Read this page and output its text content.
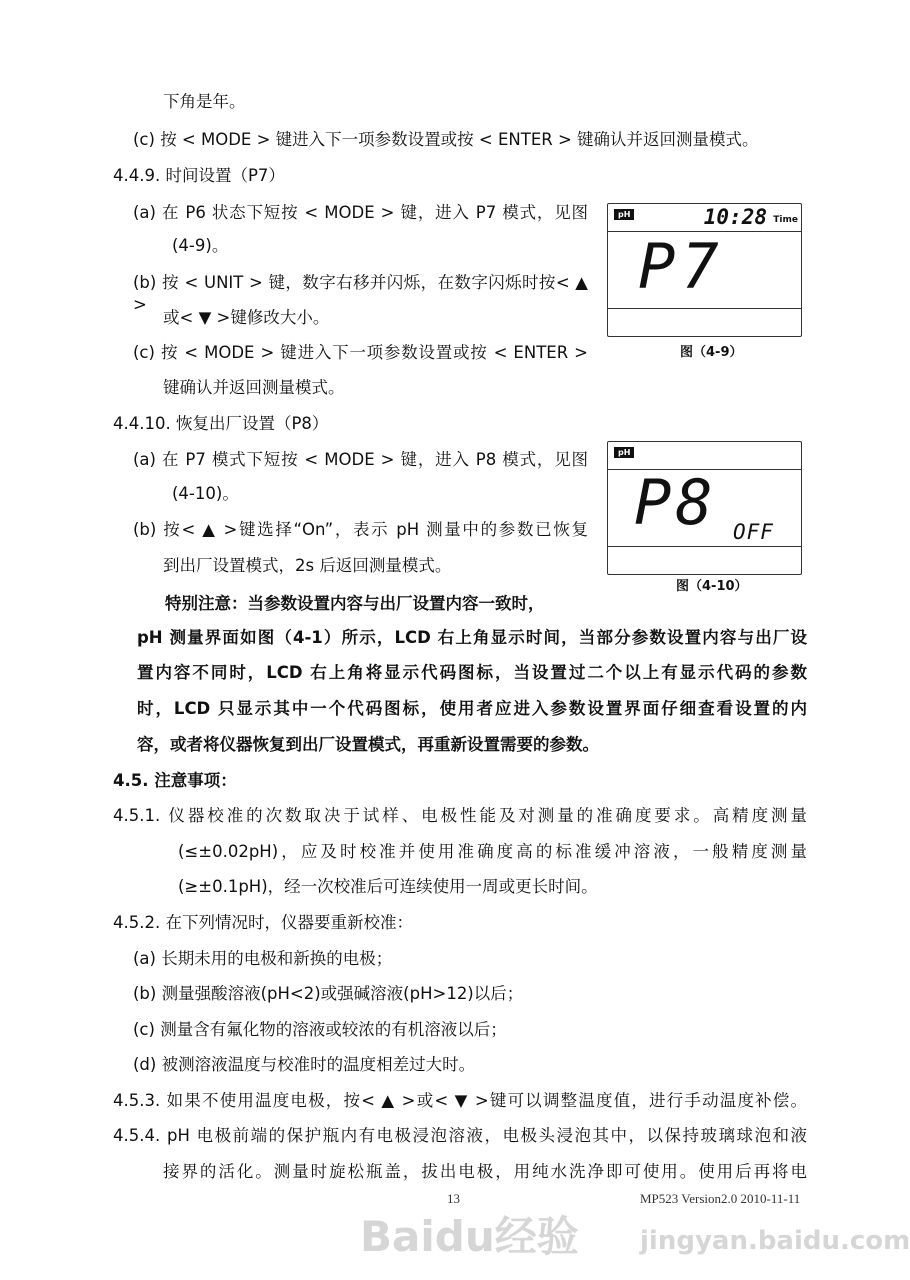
下角是年。
(c) 按 < MODE > 键进入下一项参数设置或按 < ENTER > 键确认并返回测量模式。
4.4.9. 时间设置（P7）
(a) 在 P6 状态下短按 < MODE > 键，进入 P7 模式，见图
(4-9)。
(b) 按 < UNIT > 键，数字右移并闪烁，在数字闪烁时按< ▲ >
或< ▼ >键修改大小。
(c) 按 < MODE > 键进入下一项参数设置或按 < ENTER >
键确认并返回测量模式。
4.4.10. 恢复出厂设置（P8）
(a) 在 P7 模式下短按 < MODE > 键，进入 P8 模式，见图
(4-10)。
(b) 按< ▲ >键选择“On”，表示 pH 测量中的参数已恢复
到出厂设置模式，2s 后返回测量模式。
特别注意：当参数设置内容与出厂设置内容一致时，
pH 测量界面如图（4-1）所示，LCD 右上角显示时间，当部分参数设置内容与出厂设
置内容不同时，LCD 右上角将显示代码图标，当设置过二个以上有显示代码的参数
时，LCD 只显示其中一个代码图标，使用者应进入参数设置界面仔细查看设置的内
容，或者将仪器恢复到出厂设置模式，再重新设置需要的参数。
4.5. 注意事项：
4.5.1. 仪器校准的次数取决于试样、电极性能及对测量的准确度要求。高精度测量
(≤±0.02pH)，应及时校准并使用准确度高的标准缓冲溶液，一般精度测量
(≥±0.1pH)，经一次校准后可连续使用一周或更长时间。
4.5.2. 在下列情况时，仪器要重新校准：
(a) 长期未用的电极和新换的电极；
(b) 测量强酸溶液(pH<2)或强碱溶液(pH>12)以后；
(c) 测量含有氟化物的溶液或较浓的有机溶液以后；
(d) 被测溶液温度与校准时的温度相差过大时。
4.5.3. 如果不使用温度电极，按< ▲ >或< ▼ >键可以调整温度值，进行手动温度补偿。
4.5.4. pH 电极前端的保护瓶内有电极浸泡溶液，电极头浸泡其中，以保持玻璃球泡和液
接界的活化。测量时旋松瓶盖，拔出电极，用纯水洗净即可使用。使用后再将电
pH	10:28 Time
P7
图（4-9）
pH
P8 OFF
图（4-10）
13	MP523 Version2.0 2010-11-11
Baidu经验 jingyan.baidu.com
